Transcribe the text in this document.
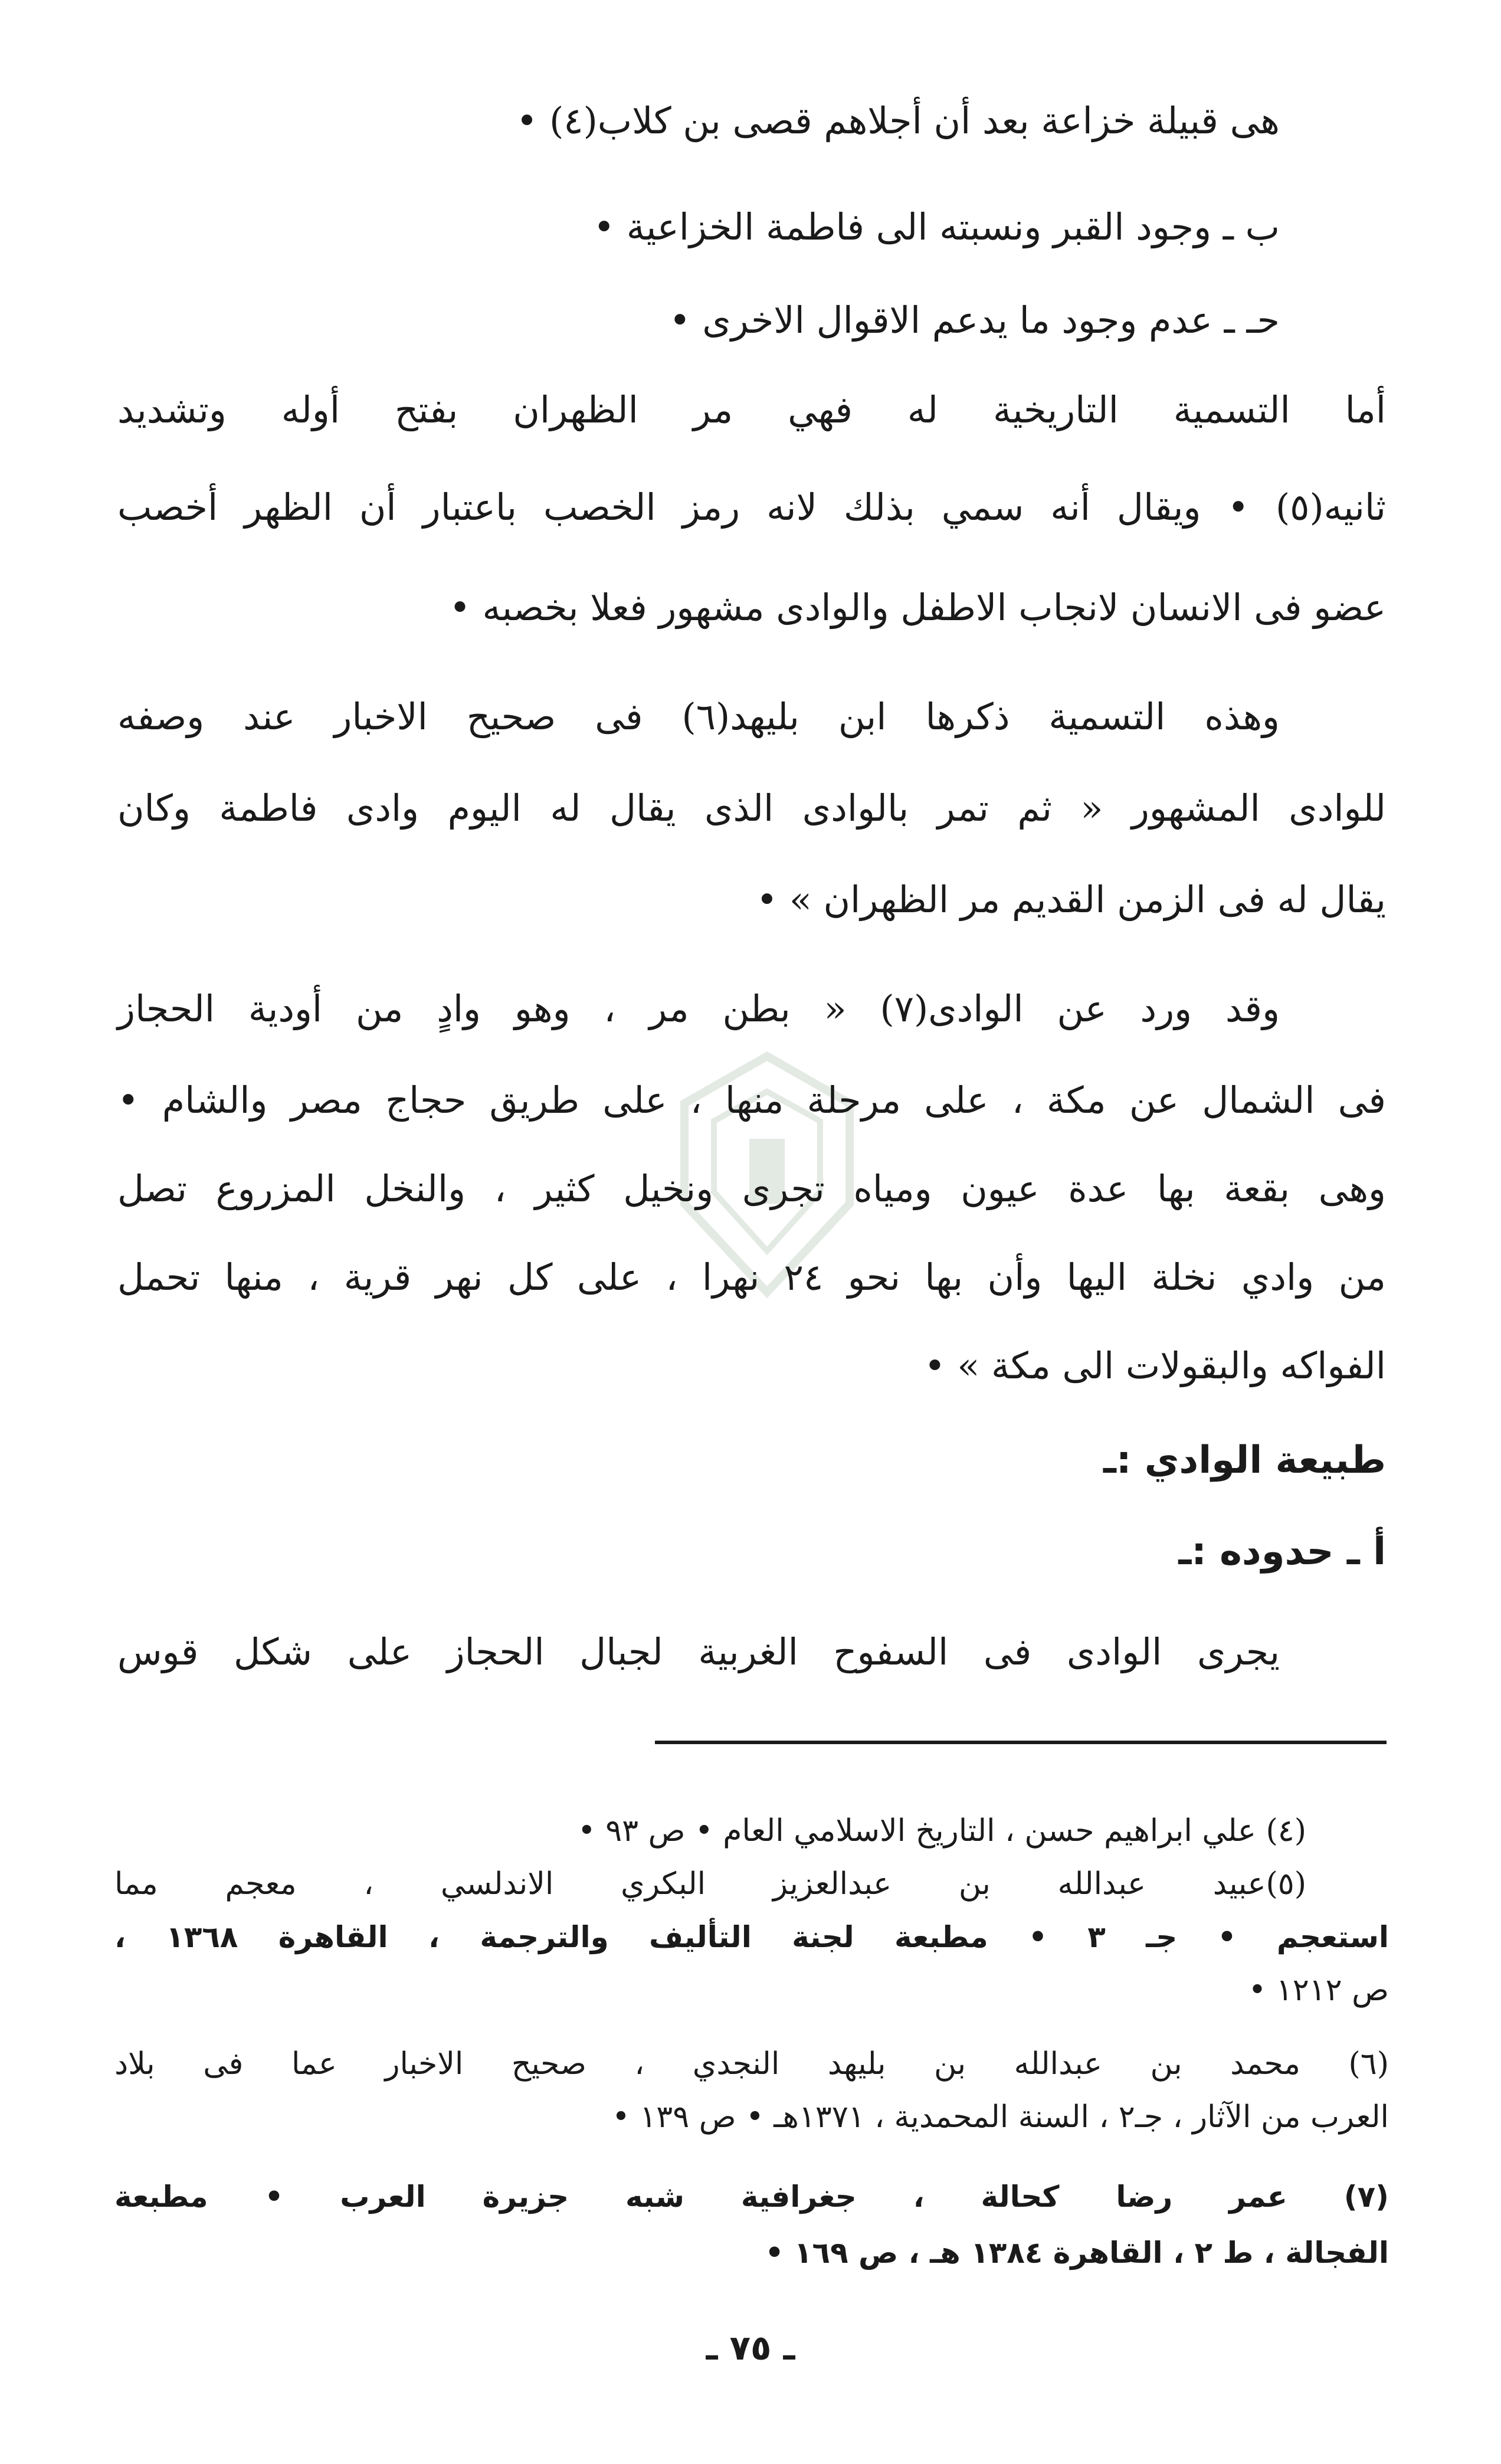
هى قبيلة خزاعة بعد أن أجلاهم قصى بن كلاب(٤) •
ب ـ وجود القبر ونسبته الى فاطمة الخزاعية •
حـ ـ عدم وجود ما يدعم الاقوال الاخرى •
أما التسمية التاريخية له فهي مر الظهران بفتح أوله وتشديد
ثانيه(٥) • ويقال أنه سمي بذلك لانه رمز الخصب باعتبار أن الظهر أخصب
عضو فى الانسان لانجاب الاطفل والوادى مشهور فعلا بخصبه •
وهذه التسمية ذكرها ابن بليهد(٦) فى صحيح الاخبار عند وصفه
للوادى المشهور « ثم تمر بالوادى الذى يقال له اليوم وادى فاطمة وكان
يقال له فى الزمن القديم مر الظهران » •
وقد ورد عن الوادى(٧) « بطن مر ، وهو وادٍ من أودية الحجاز
فى الشمال عن مكة ، على مرحلة منها ، على طريق حجاج مصر والشام •
وهى بقعة بها عدة عيون ومياه تجرى ونخيل كثير ، والنخل المزروع تصل
من وادي نخلة اليها وأن بها نحو ٢٤ نهرا ، على كل نهر قرية ، منها تحمل
الفواكه والبقولات الى مكة » •
طبيعة الوادي :ـ
أ ـ حدوده :ـ
يجرى الوادى فى السفوح الغربية لجبال الحجاز على شكل قوس
(٤) علي ابراهيم حسن ، التاريخ الاسلامي العام • ص ٩٣ •
(٥)عبيد عبدالله بن عبدالعزيز البكري الاندلسي ، معجم مما
استعجم • جـ ٣ • مطبعة لجنة التأليف والترجمة ، القاهرة ١٣٦٨ ،
ص ١٢١٢ •
(٦) محمد بن عبدالله بن بليهد النجدي ، صحيح الاخبار عما فى بلاد
العرب من الآثار ، جـ٢ ، السنة المحمدية ، ١٣٧١هـ • ص ١٣٩ •
(٧) عمر رضا كحالة ، جغرافية شبه جزيرة العرب • مطبعة
الفجالة ، ط ٢ ، القاهرة ١٣٨٤ هـ ، ص ١٦٩ •
ـ ٧٥ ـ
